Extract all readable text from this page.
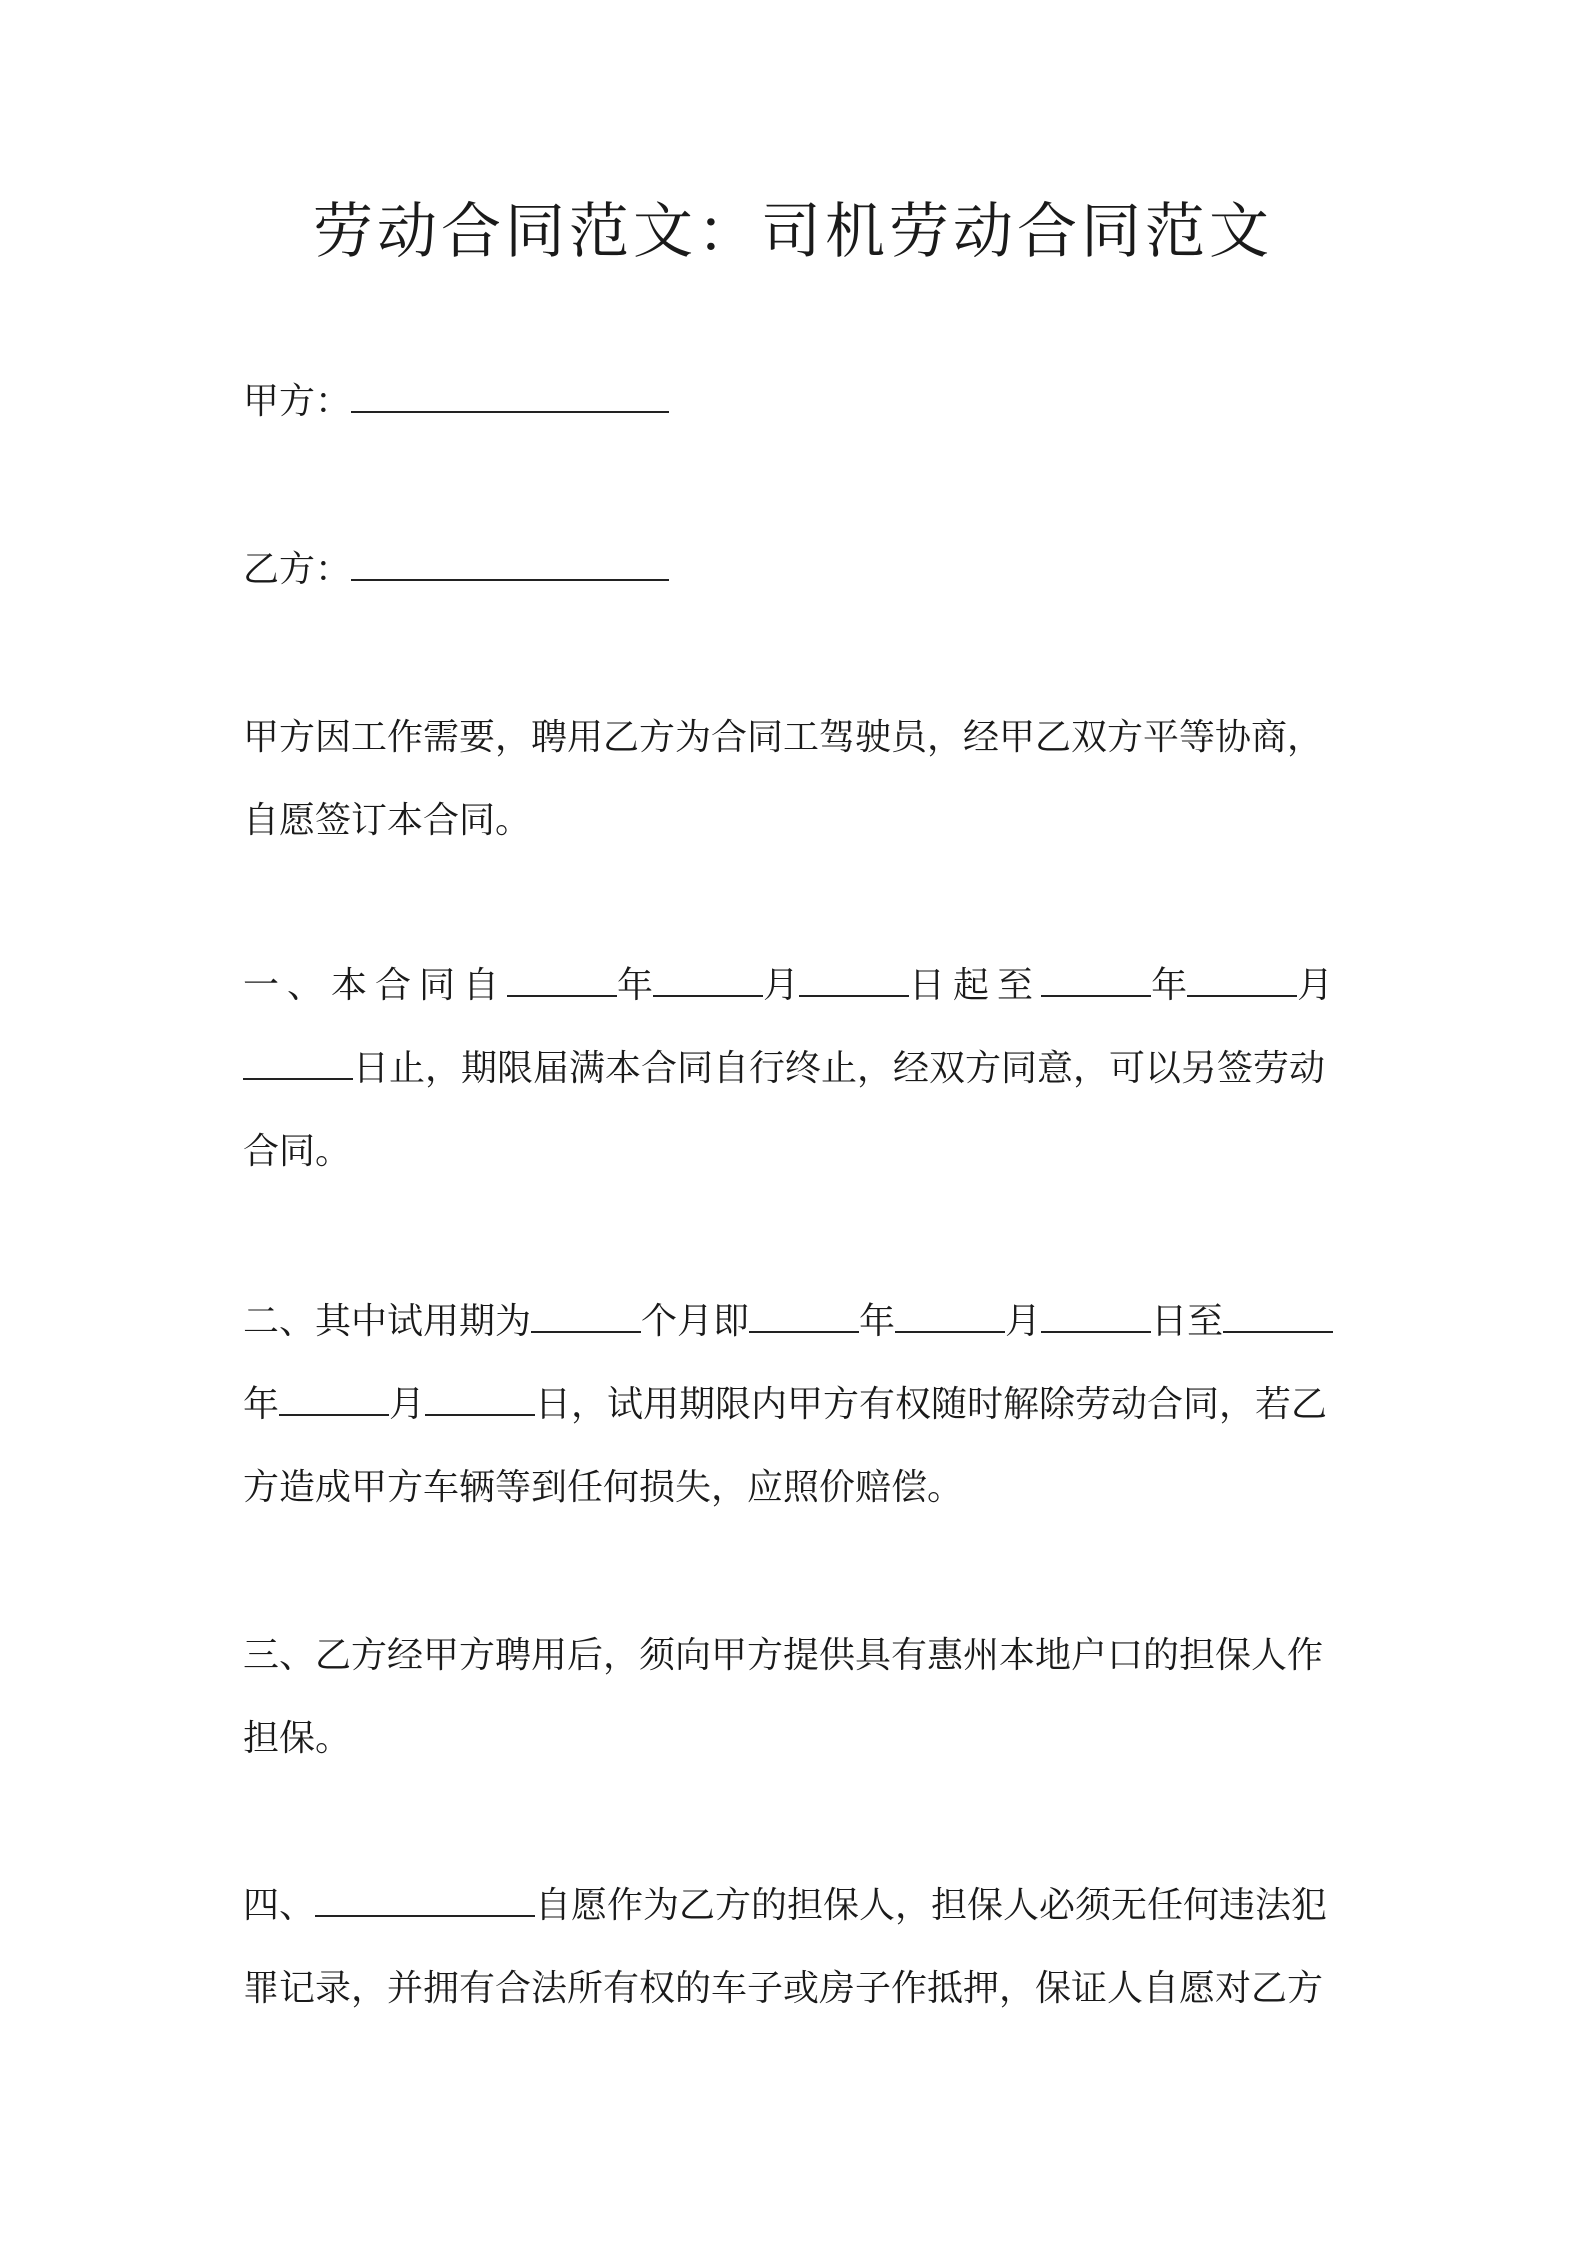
劳动合同范文：司机劳动合同范文

甲方：

乙方：

甲方因工作需要，聘用乙方为合同工驾驶员，经甲乙双方平等协商，
自愿签订本合同。

一、本合同自	年	月	日起至	年	月
日止，期限届满本合同自行终止，经双方同意，可以另签劳动
合同。

二、其中试用期为	个月即	年	月	日至
年	月	日，试用期限内甲方有权随时解除劳动合同，若乙
方造成甲方车辆等到任何损失，应照价赔偿。

三、乙方经甲方聘用后，须向甲方提供具有惠州本地户口的担保人作
担保。

四、	自愿作为乙方的担保人，担保人必须无任何违法犯
罪记录，并拥有合法所有权的车子或房子作抵押，保证人自愿对乙方
